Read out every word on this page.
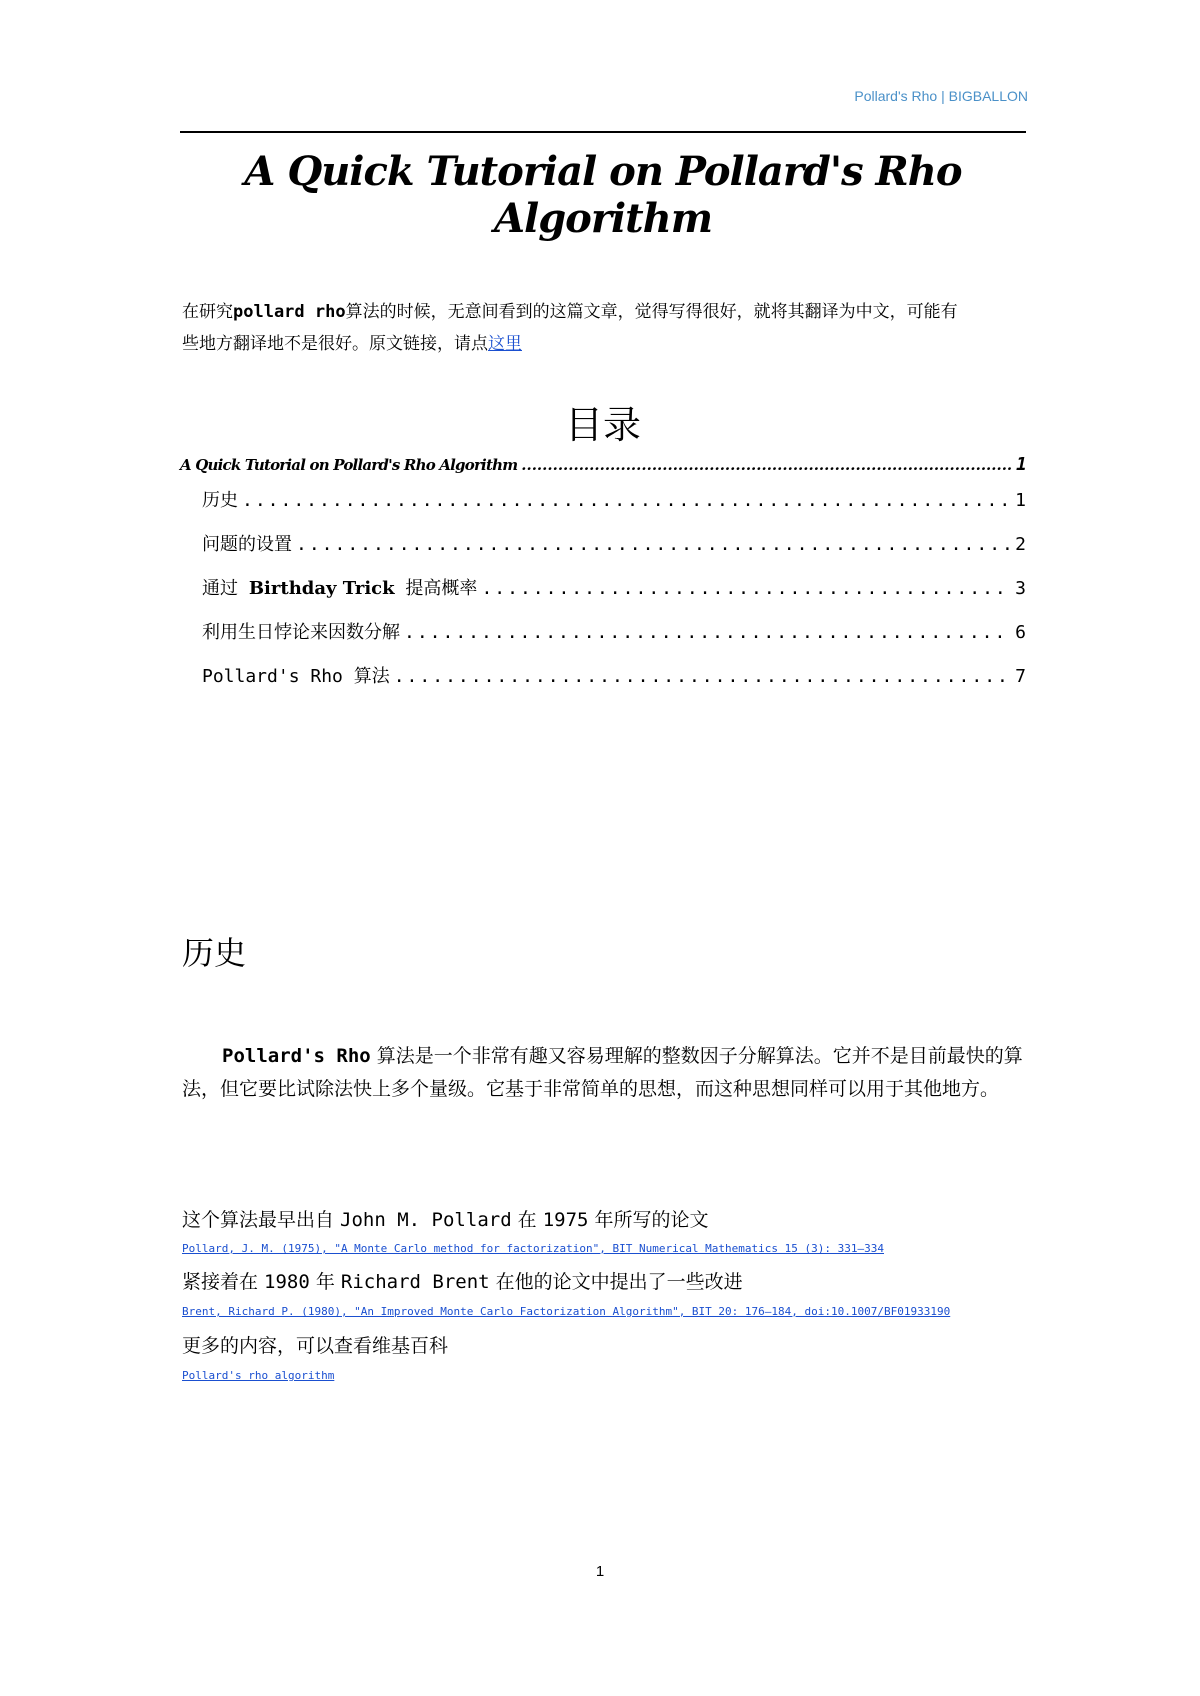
Pollard's Rho | BIGBALLON
A Quick Tutorial on Pollard's Rho Algorithm
在研究pollard rho算法的时候，无意间看到的这篇文章，觉得写得很好，就将其翻译为中文，可能有
些地方翻译地不是很好。原文链接，请点这里
目录
A Quick Tutorial on Pollard's Rho Algorithm .....	1
历史 .....	1
问题的设置 .....	2
通过 Birthday Trick 提高概率 .....	3
利用生日悖论来因数分解 .....	6
Pollard's Rho 算法 .....	7
历史
Pollard's Rho 算法是一个非常有趣又容易理解的整数因子分解算法。它并不是目前最快的算法，但它要比试除法快上多个量级。它基于非常简单的思想，而这种思想同样可以用于其他地方。
这个算法最早出自 John M. Pollard 在 1975 年所写的论文
Pollard, J. M. (1975), "A Monte Carlo method for factorization", BIT Numerical Mathematics 15 (3): 331–334
紧接着在 1980 年 Richard Brent 在他的论文中提出了一些改进
Brent, Richard P. (1980), "An Improved Monte Carlo Factorization Algorithm", BIT 20: 176–184, doi:10.1007/BF01933190
更多的内容，可以查看维基百科
Pollard's rho algorithm
1
